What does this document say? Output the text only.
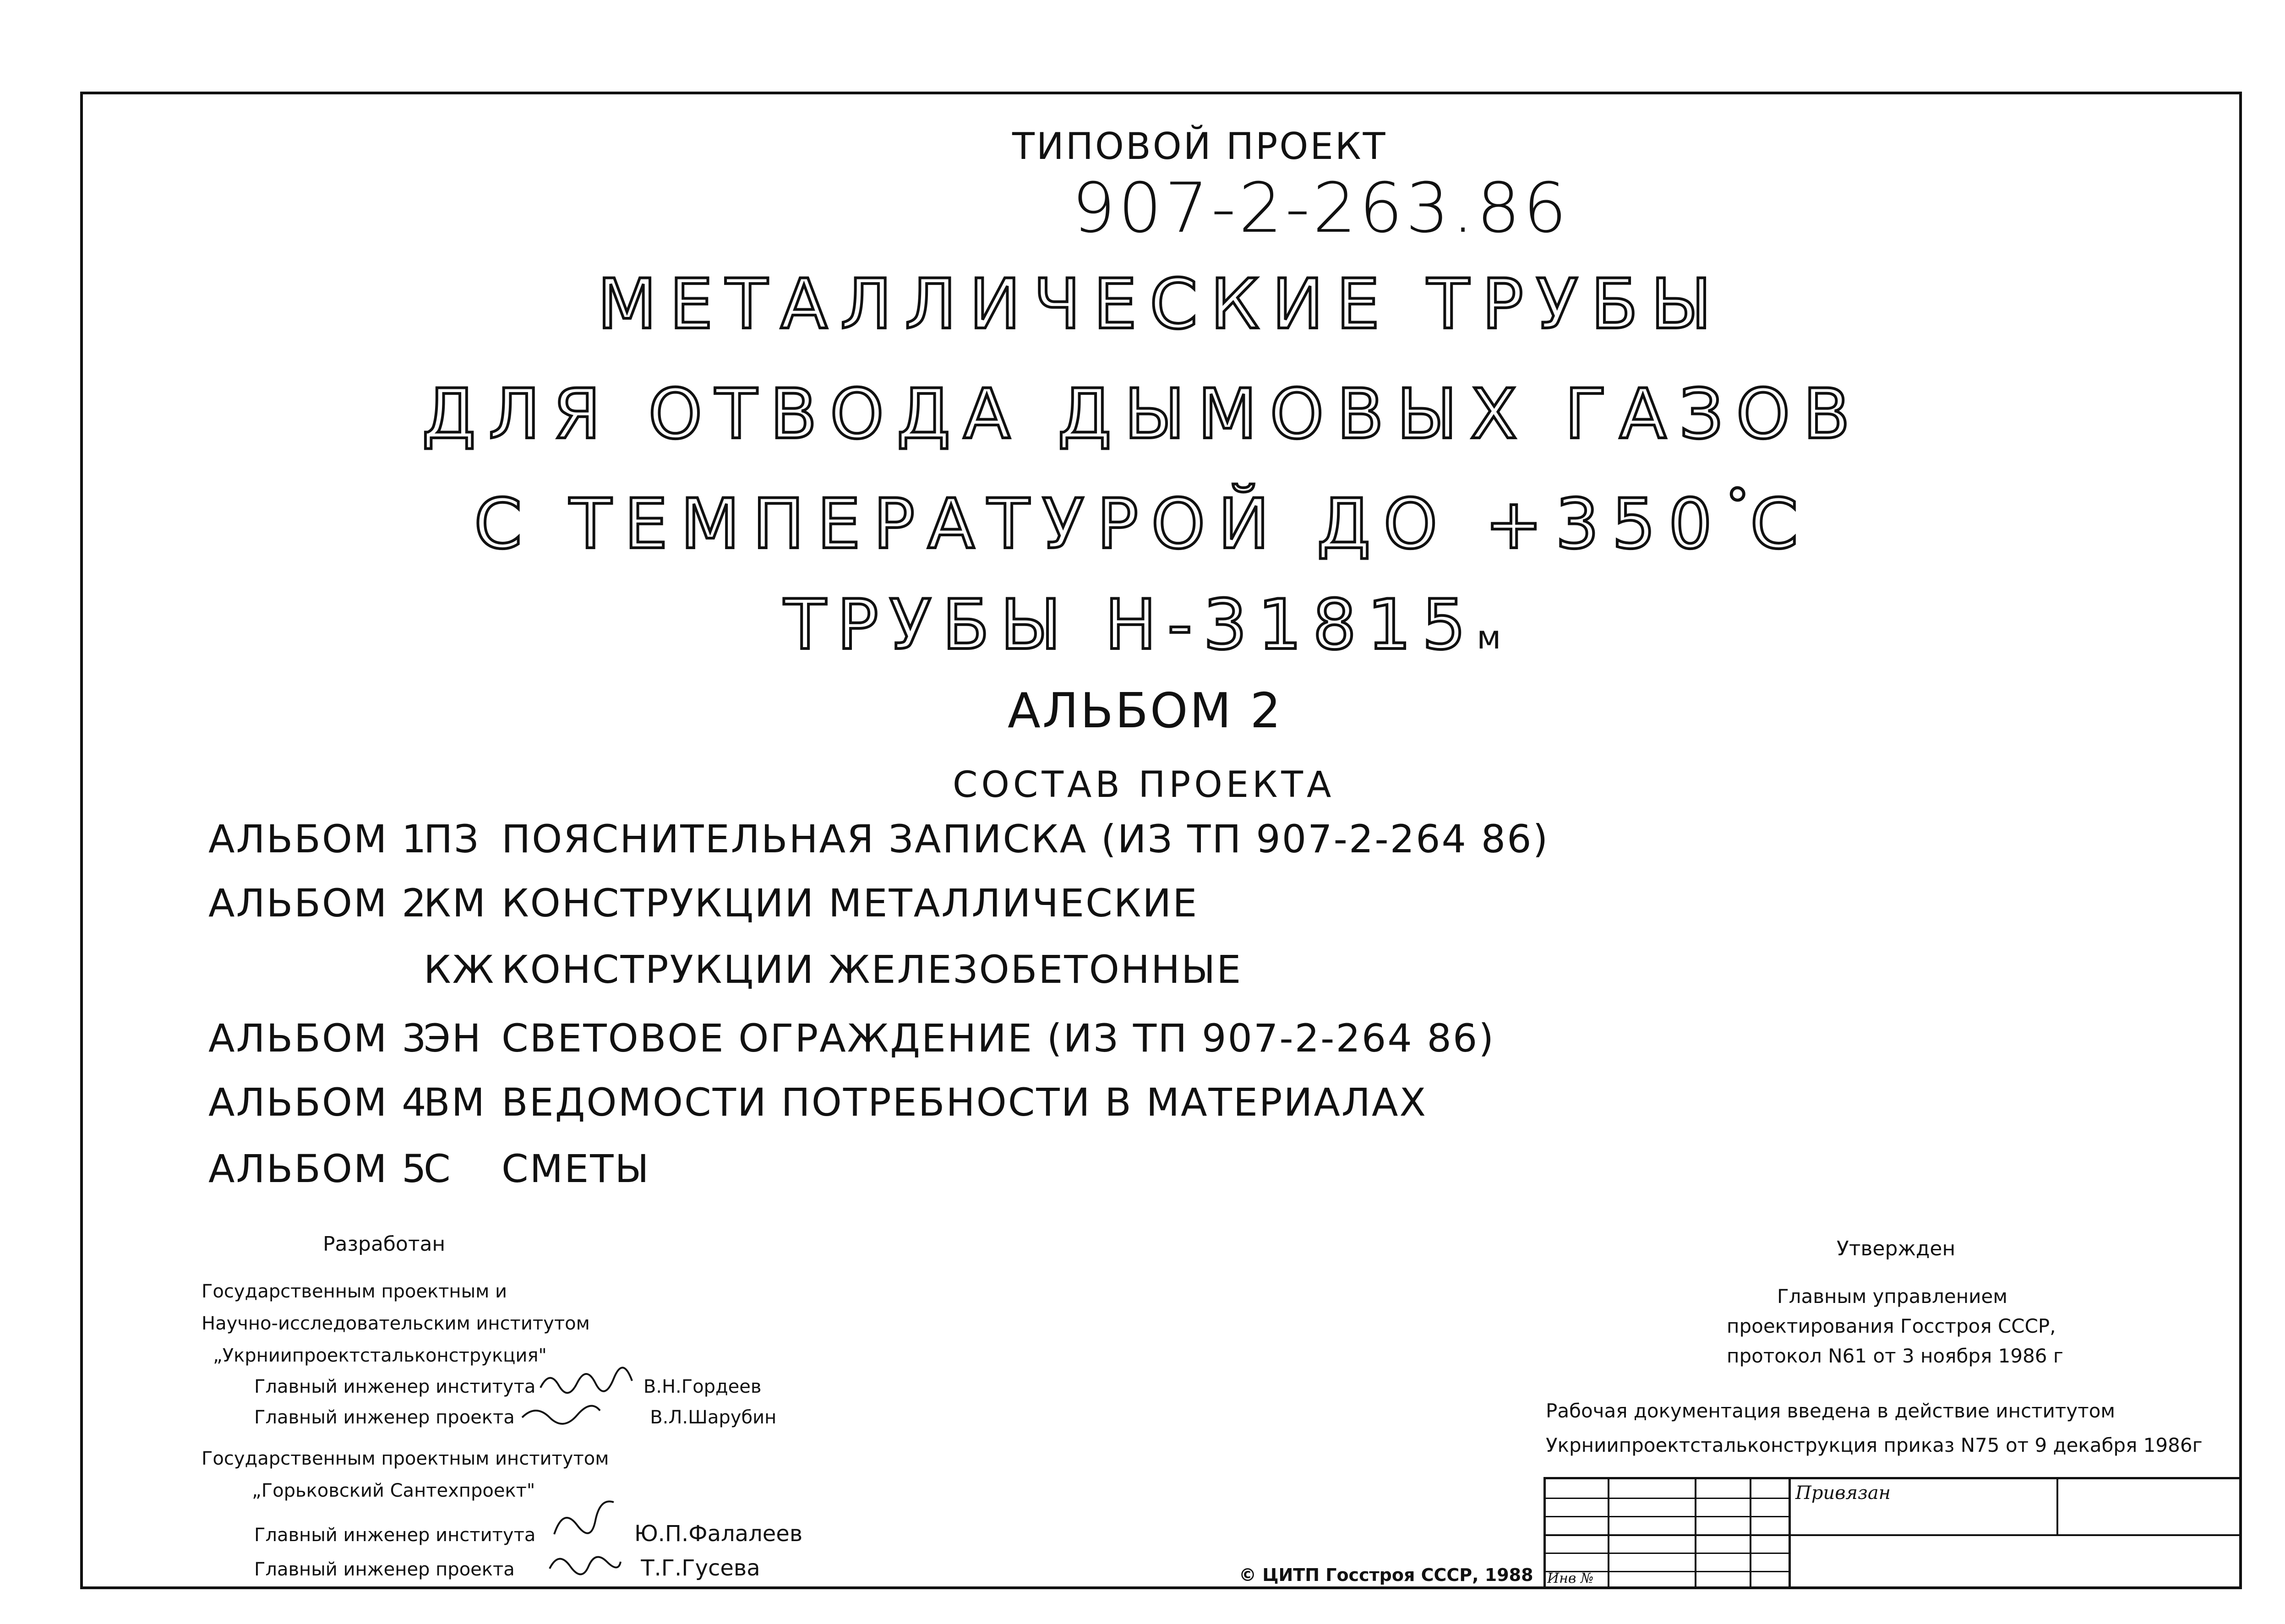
ТИПОВОЙ ПРОЕКТ
907-2-263.86
МЕТАЛЛИЧЕСКИЕ ТРУБЫ
ДЛЯ ОТВОДА ДЫМОВЫХ ГАЗОВ
С ТЕМПЕРАТУРОЙ ДО +350°С
ТРУБЫ Н-31815м
АЛЬБОМ 2
СОСТАВ ПРОЕКТА
АЛЬБОМ 1ПЗ ПОЯСНИТЕЛЬНАЯ ЗАПИСКА (ИЗ ТП 907-2-264 86)
АЛЬБОМ 2КМ КОНСТРУКЦИИ МЕТАЛЛИЧЕСКИЕ
КЖ КОНСТРУКЦИИ ЖЕЛЕЗОБЕТОННЫЕ
АЛЬБОМ 3ЭН СВЕТОВОЕ ОГРАЖДЕНИЕ (ИЗ ТП 907-2-264 86)
АЛЬБОМ 4ВМ ВЕДОМОСТИ ПОТРЕБНОСТИ В МАТЕРИАЛАХ
АЛЬБОМ 5С СМЕТЫ
Разработан
Государственным проектным и
Научно-исследовательским институтом
„Укрниипроектстальконструкция"
Главный инженер института	В.Н.Гордеев
Главный инженер проекта	В.Л.Шарубин
Государственным проектным институтом
„Горьковский Сантехпроект"
Главный инженер института	Ю.П.Фалалеев
Главный инженер проекта	Т.Г.Гусева
Утвержден
Главным управлением
проектирования Госстроя СССР,
протокол N61 от 3 ноября 1986 г
Рабочая документация введена в действие институтом
Укрниипроектстальконструкция приказ N75 от 9 декабря 1986г
Привязан
Инв №
© ЦИТП Госстроя СССР, 1988
